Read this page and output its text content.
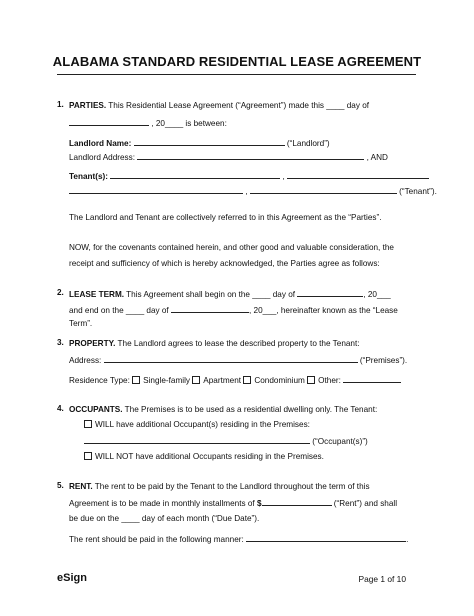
ALABAMA STANDARD RESIDENTIAL LEASE AGREEMENT
1. PARTIES. This Residential Lease Agreement (“Agreement”) made this ____ day of
, 20____ is between:
Landlord Name:	(“Landlord”)
Landlord Address:	, AND
Tenant(s):	,
,	(“Tenant”).
The Landlord and Tenant are collectively referred to in this Agreement as the “Parties”.
NOW, for the covenants contained herein, and other good and valuable consideration, the
receipt and sufficiency of which is hereby acknowledged, the Parties agree as follows:
2. LEASE TERM. This Agreement shall begin on the ____ day of	, 20___
and end on the ____ day of	, 20___, hereinafter known as the “Lease
Term”.
3. PROPERTY. The Landlord agrees to lease the described property to the Tenant:
Address:	(“Premises”).
Residence Type: Single-family Apartment Condominium Other:
4. OCCUPANTS. The Premises is to be used as a residential dwelling only. The Tenant:
WILL have additional Occupant(s) residing in the Premises:
(“Occupant(s)”)
WILL NOT have additional Occupants residing in the Premises.
5. RENT. The rent to be paid by the Tenant to the Landlord throughout the term of this
Agreement is to be made in monthly installments of $	(“Rent”) and shall
be due on the ____ day of each month (“Due Date”).
The rent should be paid in the following manner:	.
eSign	Page 1 of 10
